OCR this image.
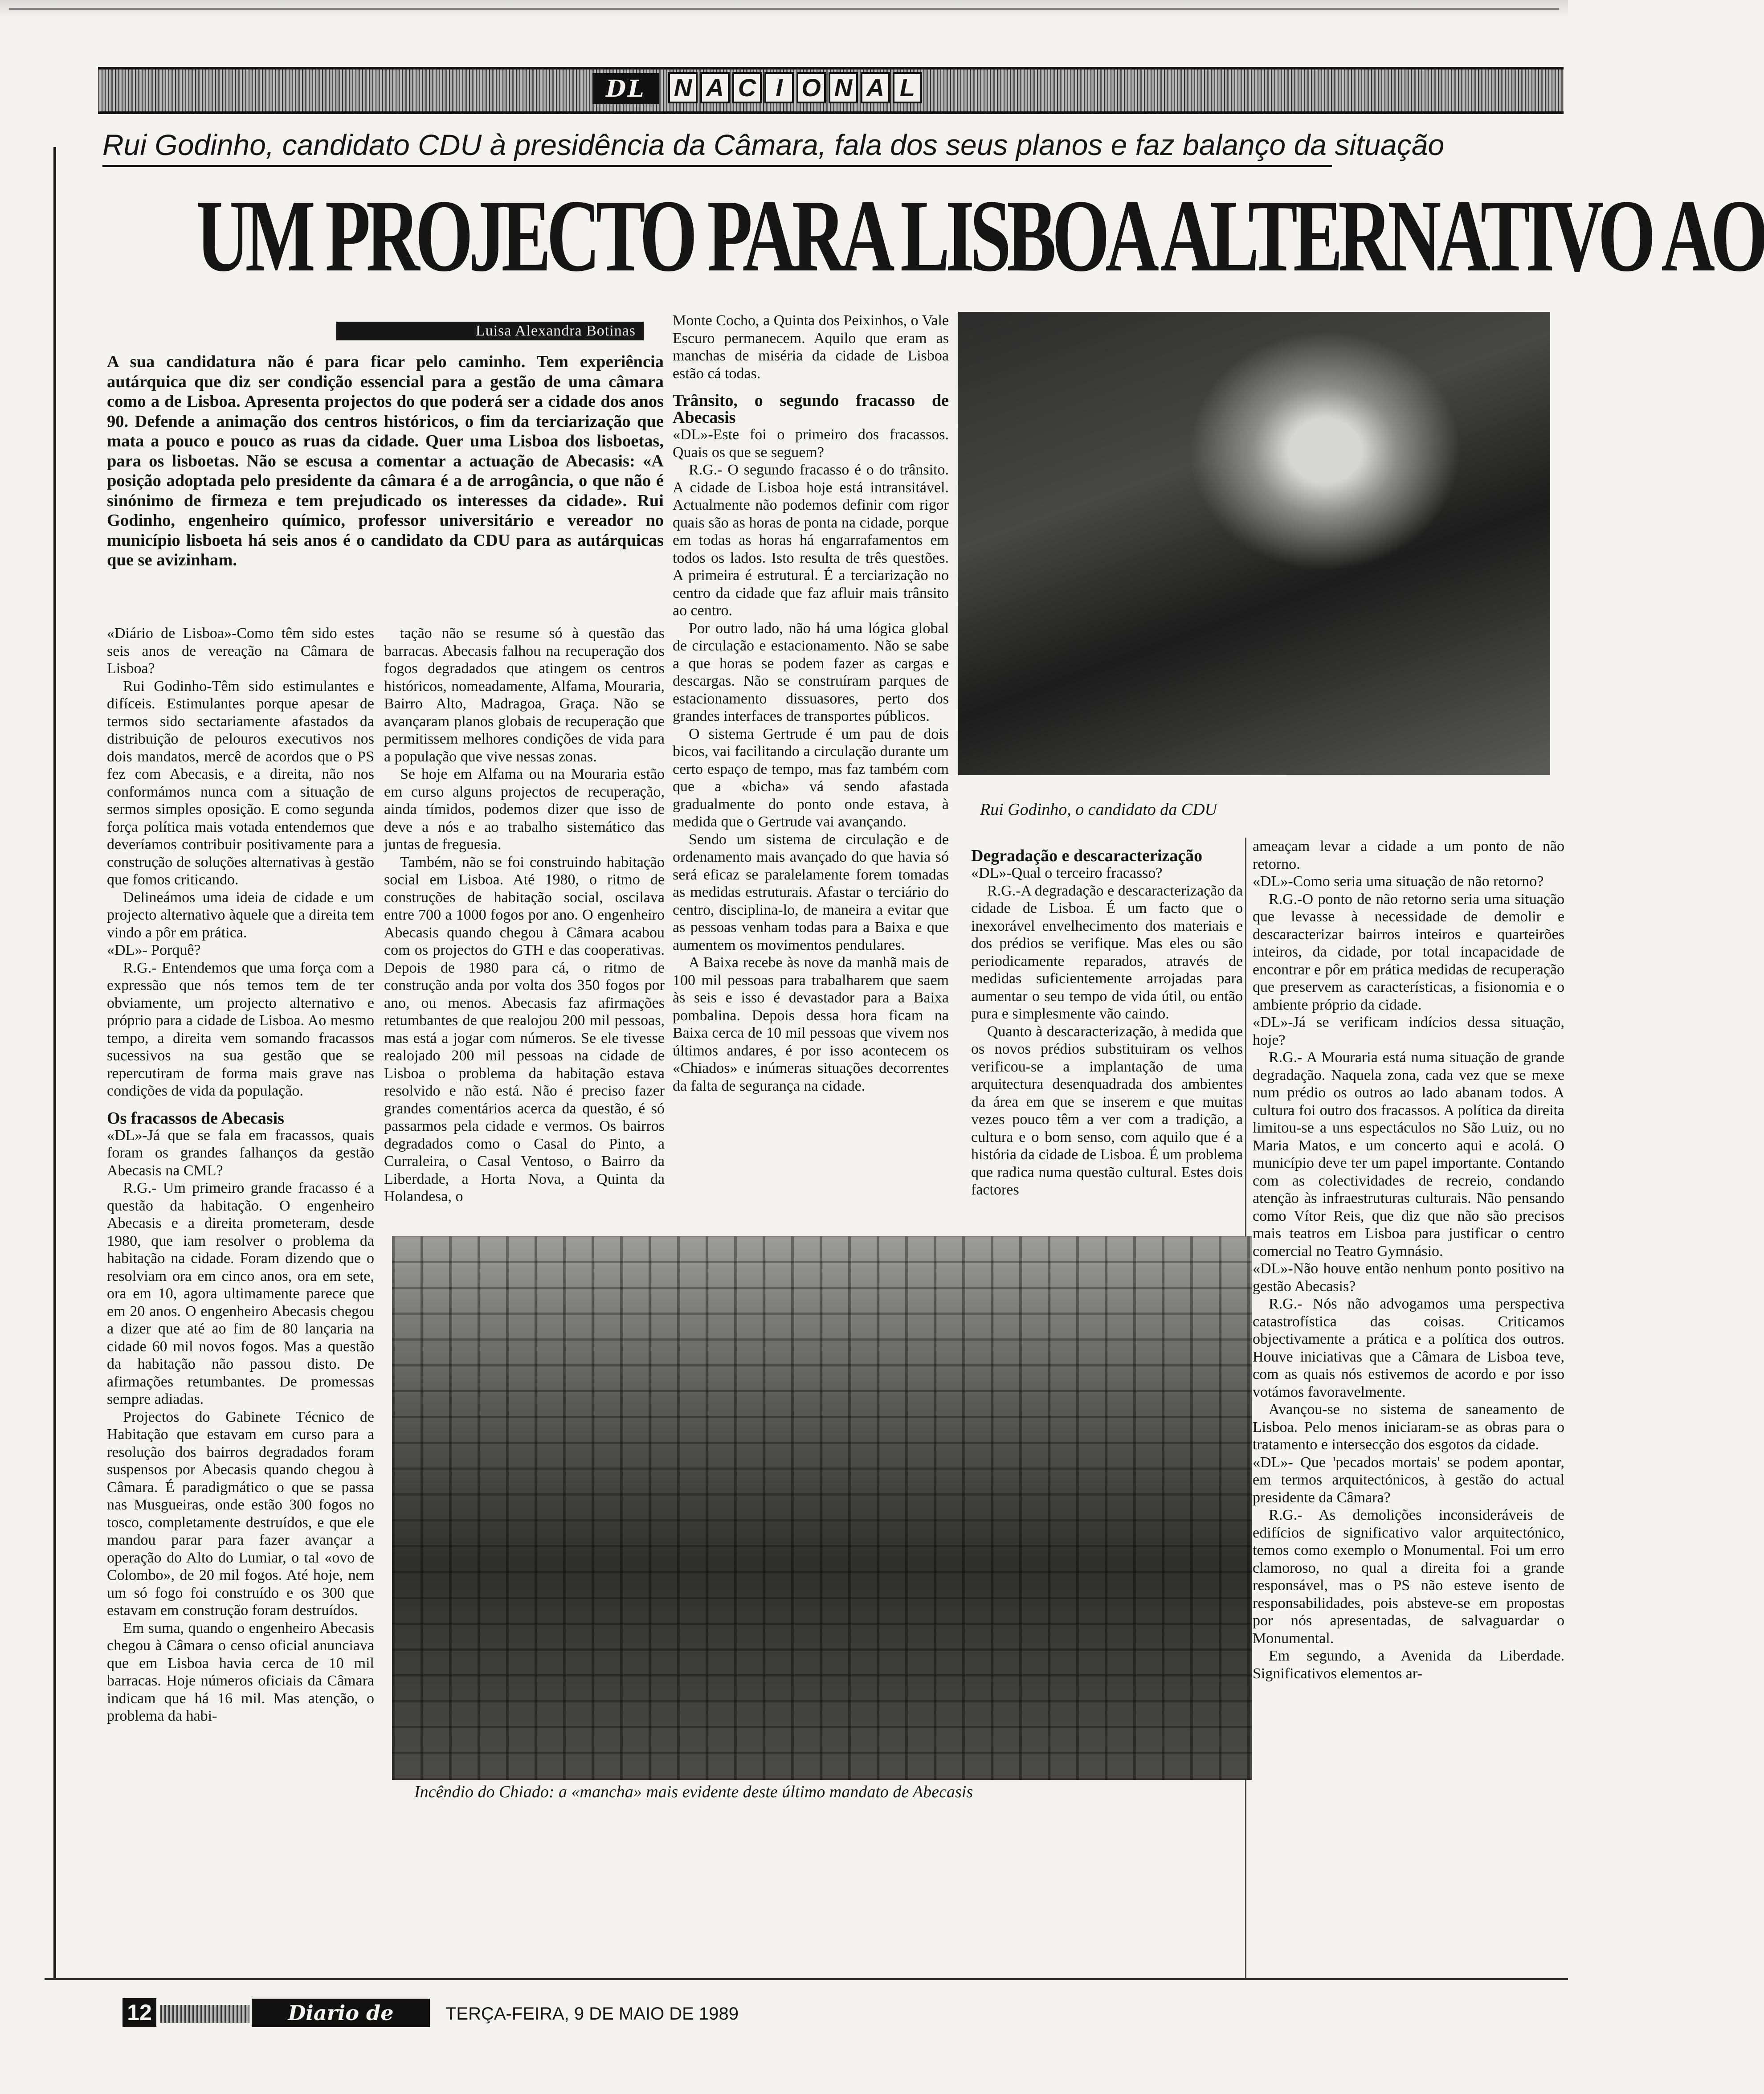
DL	N A C I O N A L
Rui Godinho, candidato CDU à presidência da Câmara, fala dos seus planos e faz balanço da situação
UM PROJECTO PARA LISBOA ALTERNATIVO AO
Luisa Alexandra Botinas
A sua candidatura não é para ficar pelo caminho. Tem experiência autárquica que diz ser condição essencial para a gestão de uma câmara como a de Lisboa. Apresenta projectos do que poderá ser a cidade dos anos 90. Defende a animação dos centros históricos, o fim da terciarização que mata a pouco e pouco as ruas da cidade. Quer uma Lisboa dos lisboetas, para os lisboetas. Não se escusa a comentar a actuação de Abecasis: «A posição adoptada pelo presidente da câmara é a de arrogância, o que não é sinónimo de firmeza e tem prejudicado os interesses da cidade». Rui Godinho, engenheiro químico, professor universitário e vereador no município lisboeta há seis anos é o candidato da CDU para as autárquicas que se avizinham.

«Diário de Lisboa»-Como têm sido estes seis anos de vereação na Câmara de Lisboa?

Rui Godinho-Têm sido estimulantes e difíceis. Estimulantes porque apesar de termos sido sectariamente afastados da distribuição de pelouros executivos nos dois mandatos, mercê de acordos que o PS fez com Abecasis, e a direita, não nos conformámos nunca com a situação de sermos simples oposição. E como segunda força política mais votada entendemos que deveríamos contribuir positivamente para a construção de soluções alternativas à gestão que fomos criticando.

Delineámos uma ideia de cidade e um projecto alternativo àquele que a direita tem vindo a pôr em prática.

«DL»- Porquê?

R.G.- Entendemos que uma força com a expressão que nós temos tem de ter obviamente, um projecto alternativo e próprio para a cidade de Lisboa. Ao mesmo tempo, a direita vem somando fracassos sucessivos na sua gestão que se repercutiram de forma mais grave nas condições de vida da população.

Os fracassos de Abecasis

«DL»-Já que se fala em fracassos, quais foram os grandes falhanços da gestão Abecasis na CML?

R.G.- Um primeiro grande fracasso é a questão da habitação. O engenheiro Abecasis e a direita prometeram, desde 1980, que iam resolver o problema da habitação na cidade. Foram dizendo que o resolviam ora em cinco anos, ora em sete, ora em 10, agora ultimamente parece que em 20 anos. O engenheiro Abecasis chegou a dizer que até ao fim de 80 lançaria na cidade 60 mil novos fogos. Mas a questão da habitação não passou disto. De afirmações retumbantes. De promessas sempre adiadas.

Projectos do Gabinete Técnico de Habitação que estavam em curso para a resolução dos bairros degradados foram suspensos por Abecasis quando chegou à Câmara. É paradigmático o que se passa nas Musgueiras, onde estão 300 fogos no tosco, completamente destruídos, e que ele mandou parar para fazer avançar a operação do Alto do Lumiar, o tal «ovo de Colombo», de 20 mil fogos. Até hoje, nem um só fogo foi construído e os 300 que estavam em construção foram destruídos.

Em suma, quando o engenheiro Abecasis chegou à Câmara o censo oficial anunciava que em Lisboa havia cerca de 10 mil barracas. Hoje números oficiais da Câmara indicam que há 16 mil. Mas atenção, o problema da habi-

tação não se resume só à questão das barracas. Abecasis falhou na recuperação dos fogos degradados que atingem os centros históricos, nomeadamente, Alfama, Mouraria, Bairro Alto, Madragoa, Graça. Não se avançaram planos globais de recuperação que permitissem melhores condições de vida para a população que vive nessas zonas.

Se hoje em Alfama ou na Mouraria estão em curso alguns projectos de recuperação, ainda tímidos, podemos dizer que isso de deve a nós e ao trabalho sistemático das juntas de freguesia.

Também, não se foi construindo habitação social em Lisboa. Até 1980, o ritmo de construções de habitação social, oscilava entre 700 a 1000 fogos por ano. O engenheiro Abecasis quando chegou à Câmara acabou com os projectos do GTH e das cooperativas. Depois de 1980 para cá, o ritmo de construção anda por volta dos 350 fogos por ano, ou menos. Abecasis faz afirmações retumbantes de que realojou 200 mil pessoas, mas está a jogar com números. Se ele tivesse realojado 200 mil pessoas na cidade de Lisboa o problema da habitação estava resolvido e não está. Não é preciso fazer grandes comentários acerca da questão, é só passarmos pela cidade e vermos. Os bairros degradados como o Casal do Pinto, a Curraleira, o Casal Ventoso, o Bairro da Liberdade, a Horta Nova, a Quinta da Holandesa, o

Monte Cocho, a Quinta dos Peixinhos, o Vale Escuro permanecem. Aquilo que eram as manchas de miséria da cidade de Lisboa estão cá todas.

Trânsito, o segundo fracasso de Abecasis

«DL»-Este foi o primeiro dos fracassos. Quais os que se seguem?

R.G.- O segundo fracasso é o do trânsito. A cidade de Lisboa hoje está intransitável. Actualmente não podemos definir com rigor quais são as horas de ponta na cidade, porque em todas as horas há engarrafamentos em todos os lados. Isto resulta de três questões. A primeira é estrutural. É a terciarização no centro da cidade que faz afluir mais trânsito ao centro.

Por outro lado, não há uma lógica global de circulação e estacionamento. Não se sabe a que horas se podem fazer as cargas e descargas. Não se construíram parques de estacionamento dissuasores, perto dos grandes interfaces de transportes públicos.

O sistema Gertrude é um pau de dois bicos, vai facilitando a circulação durante um certo espaço de tempo, mas faz também com que a «bicha» vá sendo afastada gradualmente do ponto onde estava, à medida que o Gertrude vai avançando.

Sendo um sistema de circulação e de ordenamento mais avançado do que havia só será eficaz se paralelamente forem tomadas as medidas estruturais. Afastar o terciário do centro, disciplina-lo, de maneira a evitar que as pessoas venham todas para a Baixa e que aumentem os movimentos pendulares.

A Baixa recebe às nove da manhã mais de 100 mil pessoas para trabalharem que saem às seis e isso é devastador para a Baixa pombalina. Depois dessa hora ficam na Baixa cerca de 10 mil pessoas que vivem nos últimos andares, é por isso acontecem os «Chiados» e inúmeras situações decorrentes da falta de segurança na cidade.

Rui Godinho, o candidato da CDU
Degradação e descaracterização

«DL»-Qual o terceiro fracasso?

R.G.-A degradação e descaracterização da cidade de Lisboa. É um facto que o inexorável envelhecimento dos materiais e dos prédios se verifique. Mas eles ou são periodicamente reparados, através de medidas suficientemente arrojadas para aumentar o seu tempo de vida útil, ou então pura e simplesmente vão caindo.

Quanto à descaracterização, à medida que os novos prédios substituiram os velhos verificou-se a implantação de uma arquitectura desenquadrada dos ambientes da área em que se inserem e que muitas vezes pouco têm a ver com a tradição, a cultura e o bom senso, com aquilo que é a história da cidade de Lisboa. É um problema que radica numa questão cultural. Estes dois factores

ameaçam levar a cidade a um ponto de não retorno.

«DL»-Como seria uma situação de não retorno?

R.G.-O ponto de não retorno seria uma situação que levasse à necessidade de demolir e descaracterizar bairros inteiros e quarteirões inteiros, da cidade, por total incapacidade de encontrar e pôr em prática medidas de recuperação que preservem as características, a fisionomia e o ambiente próprio da cidade.

«DL»-Já se verificam indícios dessa situação, hoje?

R.G.- A Mouraria está numa situação de grande degradação. Naquela zona, cada vez que se mexe num prédio os outros ao lado abanam todos. A cultura foi outro dos fracassos. A política da direita limitou-se a uns espectáculos no São Luiz, ou no Maria Matos, e um concerto aqui e acolá. O município deve ter um papel importante. Contando com as colectividades de recreio, condando atenção às infraestruturas culturais. Não pensando como Vítor Reis, que diz que não são precisos mais teatros em Lisboa para justificar o centro comercial no Teatro Gymnásio.

«DL»-Não houve então nenhum ponto positivo na gestão Abecasis?

R.G.- Nós não advogamos uma perspectiva catastrofística das coisas. Criticamos objectivamente a prática e a política dos outros. Houve iniciativas que a Câmara de Lisboa teve, com as quais nós estivemos de acordo e por isso votámos favoravelmente.

Avançou-se no sistema de saneamento de Lisboa. Pelo menos iniciaram-se as obras para o tratamento e intersecção dos esgotos da cidade.

«DL»- Que 'pecados mortais' se podem apontar, em termos arquitectónicos, à gestão do actual presidente da Câmara?

R.G.- As demolições inconsideráveis de edifícios de significativo valor arquitectónico, temos como exemplo o Monumental. Foi um erro clamoroso, no qual a direita foi a grande responsável, mas o PS não esteve isento de responsabilidades, pois absteve-se em propostas por nós apresentadas, de salvaguardar o Monumental.

Em segundo, a Avenida da Liberdade. Significativos elementos ar-

Incêndio do Chiado: a «mancha» mais evidente deste último mandato de Abecasis
12	Diario de Lisboa
TERÇA-FEIRA, 9 DE MAIO DE 1989
